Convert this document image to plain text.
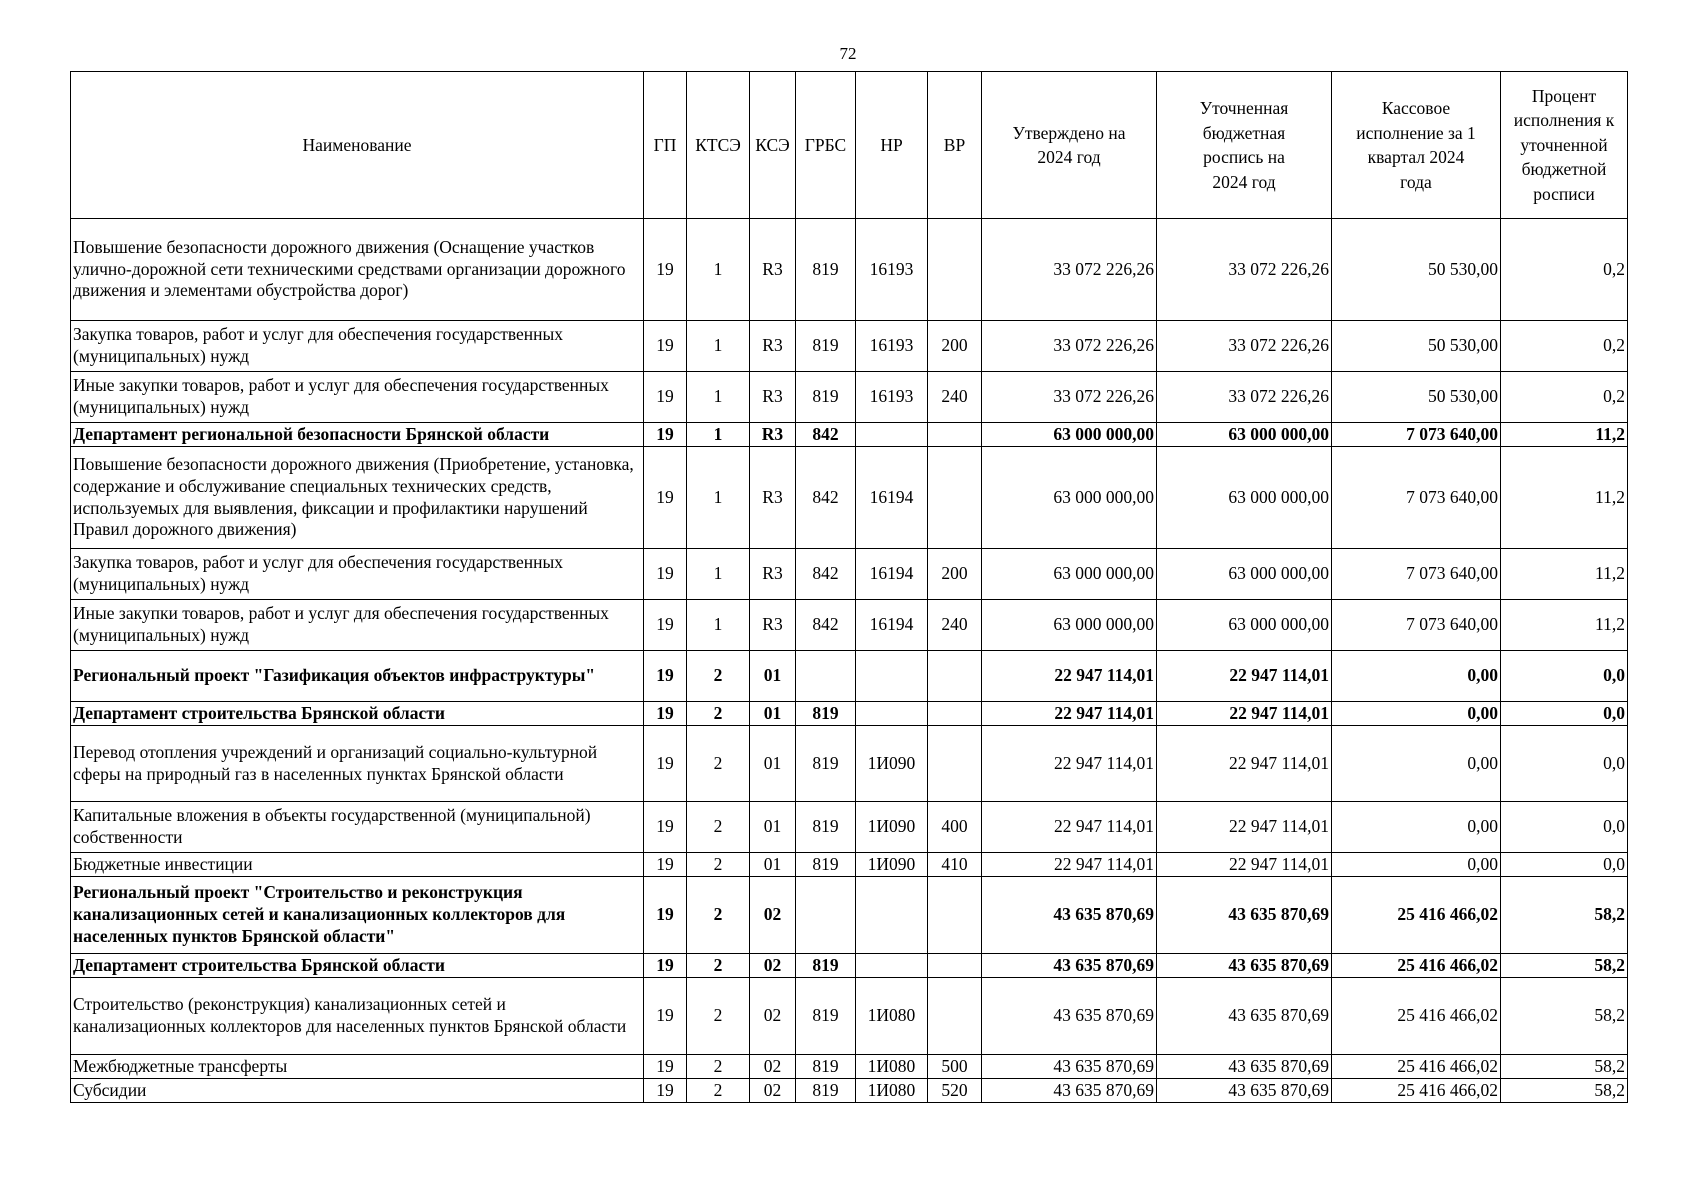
72
Наименование	ГП	КТСЭ	КСЭ	ГРБС	НР	ВР	Утверждено на 2024 год	Уточненная бюджетная роспись на 2024 год	Кассовое исполнение за 1 квартал 2024 года	Процент исполнения к уточненной бюджетной росписи
Повышение безопасности дорожного движения (Оснащение участков улично-дорожной сети техническими средствами организации дорожного движения и элементами обустройства дорог)	19	1	R3	819	16193		33 072 226,26	33 072 226,26	50 530,00	0,2
Закупка товаров, работ и услуг для обеспечения государственных (муниципальных) нужд	19	1	R3	819	16193	200	33 072 226,26	33 072 226,26	50 530,00	0,2
Иные закупки товаров, работ и услуг для обеспечения государственных (муниципальных) нужд	19	1	R3	819	16193	240	33 072 226,26	33 072 226,26	50 530,00	0,2
Департамент региональной безопасности Брянской области	19	1	R3	842			63 000 000,00	63 000 000,00	7 073 640,00	11,2
Повышение безопасности дорожного движения (Приобретение, установка, содержание и обслуживание специальных технических средств, используемых для выявления, фиксации и профилактики нарушений Правил дорожного движения)	19	1	R3	842	16194		63 000 000,00	63 000 000,00	7 073 640,00	11,2
Закупка товаров, работ и услуг для обеспечения государственных (муниципальных) нужд	19	1	R3	842	16194	200	63 000 000,00	63 000 000,00	7 073 640,00	11,2
Иные закупки товаров, работ и услуг для обеспечения государственных (муниципальных) нужд	19	1	R3	842	16194	240	63 000 000,00	63 000 000,00	7 073 640,00	11,2
Региональный проект "Газификация объектов инфраструктуры"	19	2	01				22 947 114,01	22 947 114,01	0,00	0,0
Департамент строительства Брянской области	19	2	01	819			22 947 114,01	22 947 114,01	0,00	0,0
Перевод отопления учреждений и организаций социально-культурной сферы на природный газ в населенных пунктах Брянской области	19	2	01	819	1И090		22 947 114,01	22 947 114,01	0,00	0,0
Капитальные вложения в объекты государственной (муниципальной) собственности	19	2	01	819	1И090	400	22 947 114,01	22 947 114,01	0,00	0,0
Бюджетные инвестиции	19	2	01	819	1И090	410	22 947 114,01	22 947 114,01	0,00	0,0
Региональный проект "Строительство и реконструкция канализационных сетей и канализационных коллекторов для населенных пунктов Брянской области"	19	2	02				43 635 870,69	43 635 870,69	25 416 466,02	58,2
Департамент строительства Брянской области	19	2	02	819			43 635 870,69	43 635 870,69	25 416 466,02	58,2
Строительство (реконструкция) канализационных сетей и канализационных коллекторов для населенных пунктов Брянской области	19	2	02	819	1И080		43 635 870,69	43 635 870,69	25 416 466,02	58,2
Межбюджетные трансферты	19	2	02	819	1И080	500	43 635 870,69	43 635 870,69	25 416 466,02	58,2
Субсидии	19	2	02	819	1И080	520	43 635 870,69	43 635 870,69	25 416 466,02	58,2
